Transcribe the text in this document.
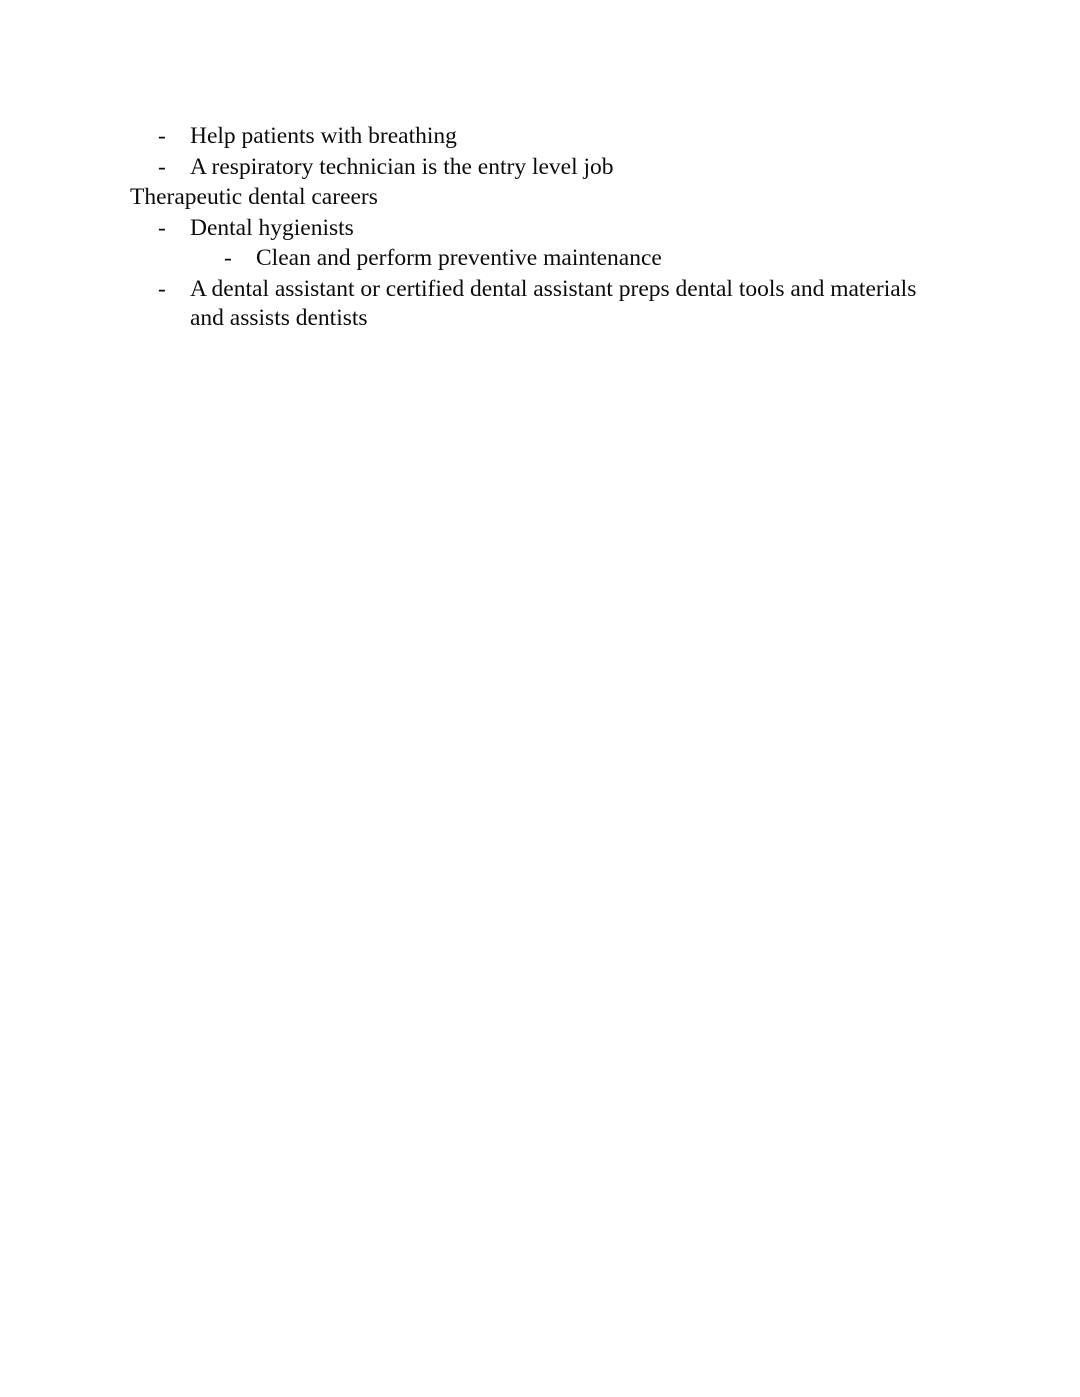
-	Help patients with breathing
-	A respiratory technician is the entry level job
Therapeutic dental careers
-	Dental hygienists
-	Clean and perform preventive maintenance
-	A dental assistant or certified dental assistant preps dental tools and materials and assists dentists
